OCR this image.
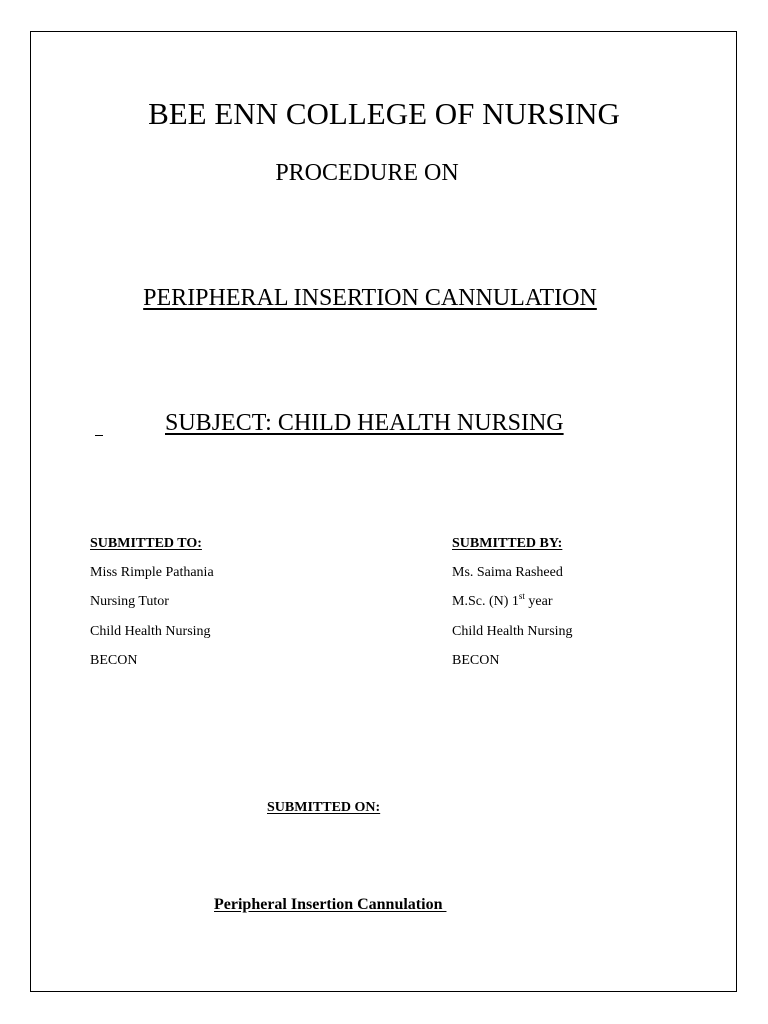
BEE ENN COLLEGE OF NURSING
PROCEDURE ON
PERIPHERAL INSERTION CANNULATION
SUBJECT: CHILD HEALTH NURSING
SUBMITTED TO:
Miss Rimple Pathania
Nursing Tutor
Child Health Nursing
BECON
SUBMITTED BY:
Ms. Saima Rasheed
M.Sc. (N) 1st year
Child Health Nursing
BECON
SUBMITTED ON:
Peripheral Insertion Cannulation
